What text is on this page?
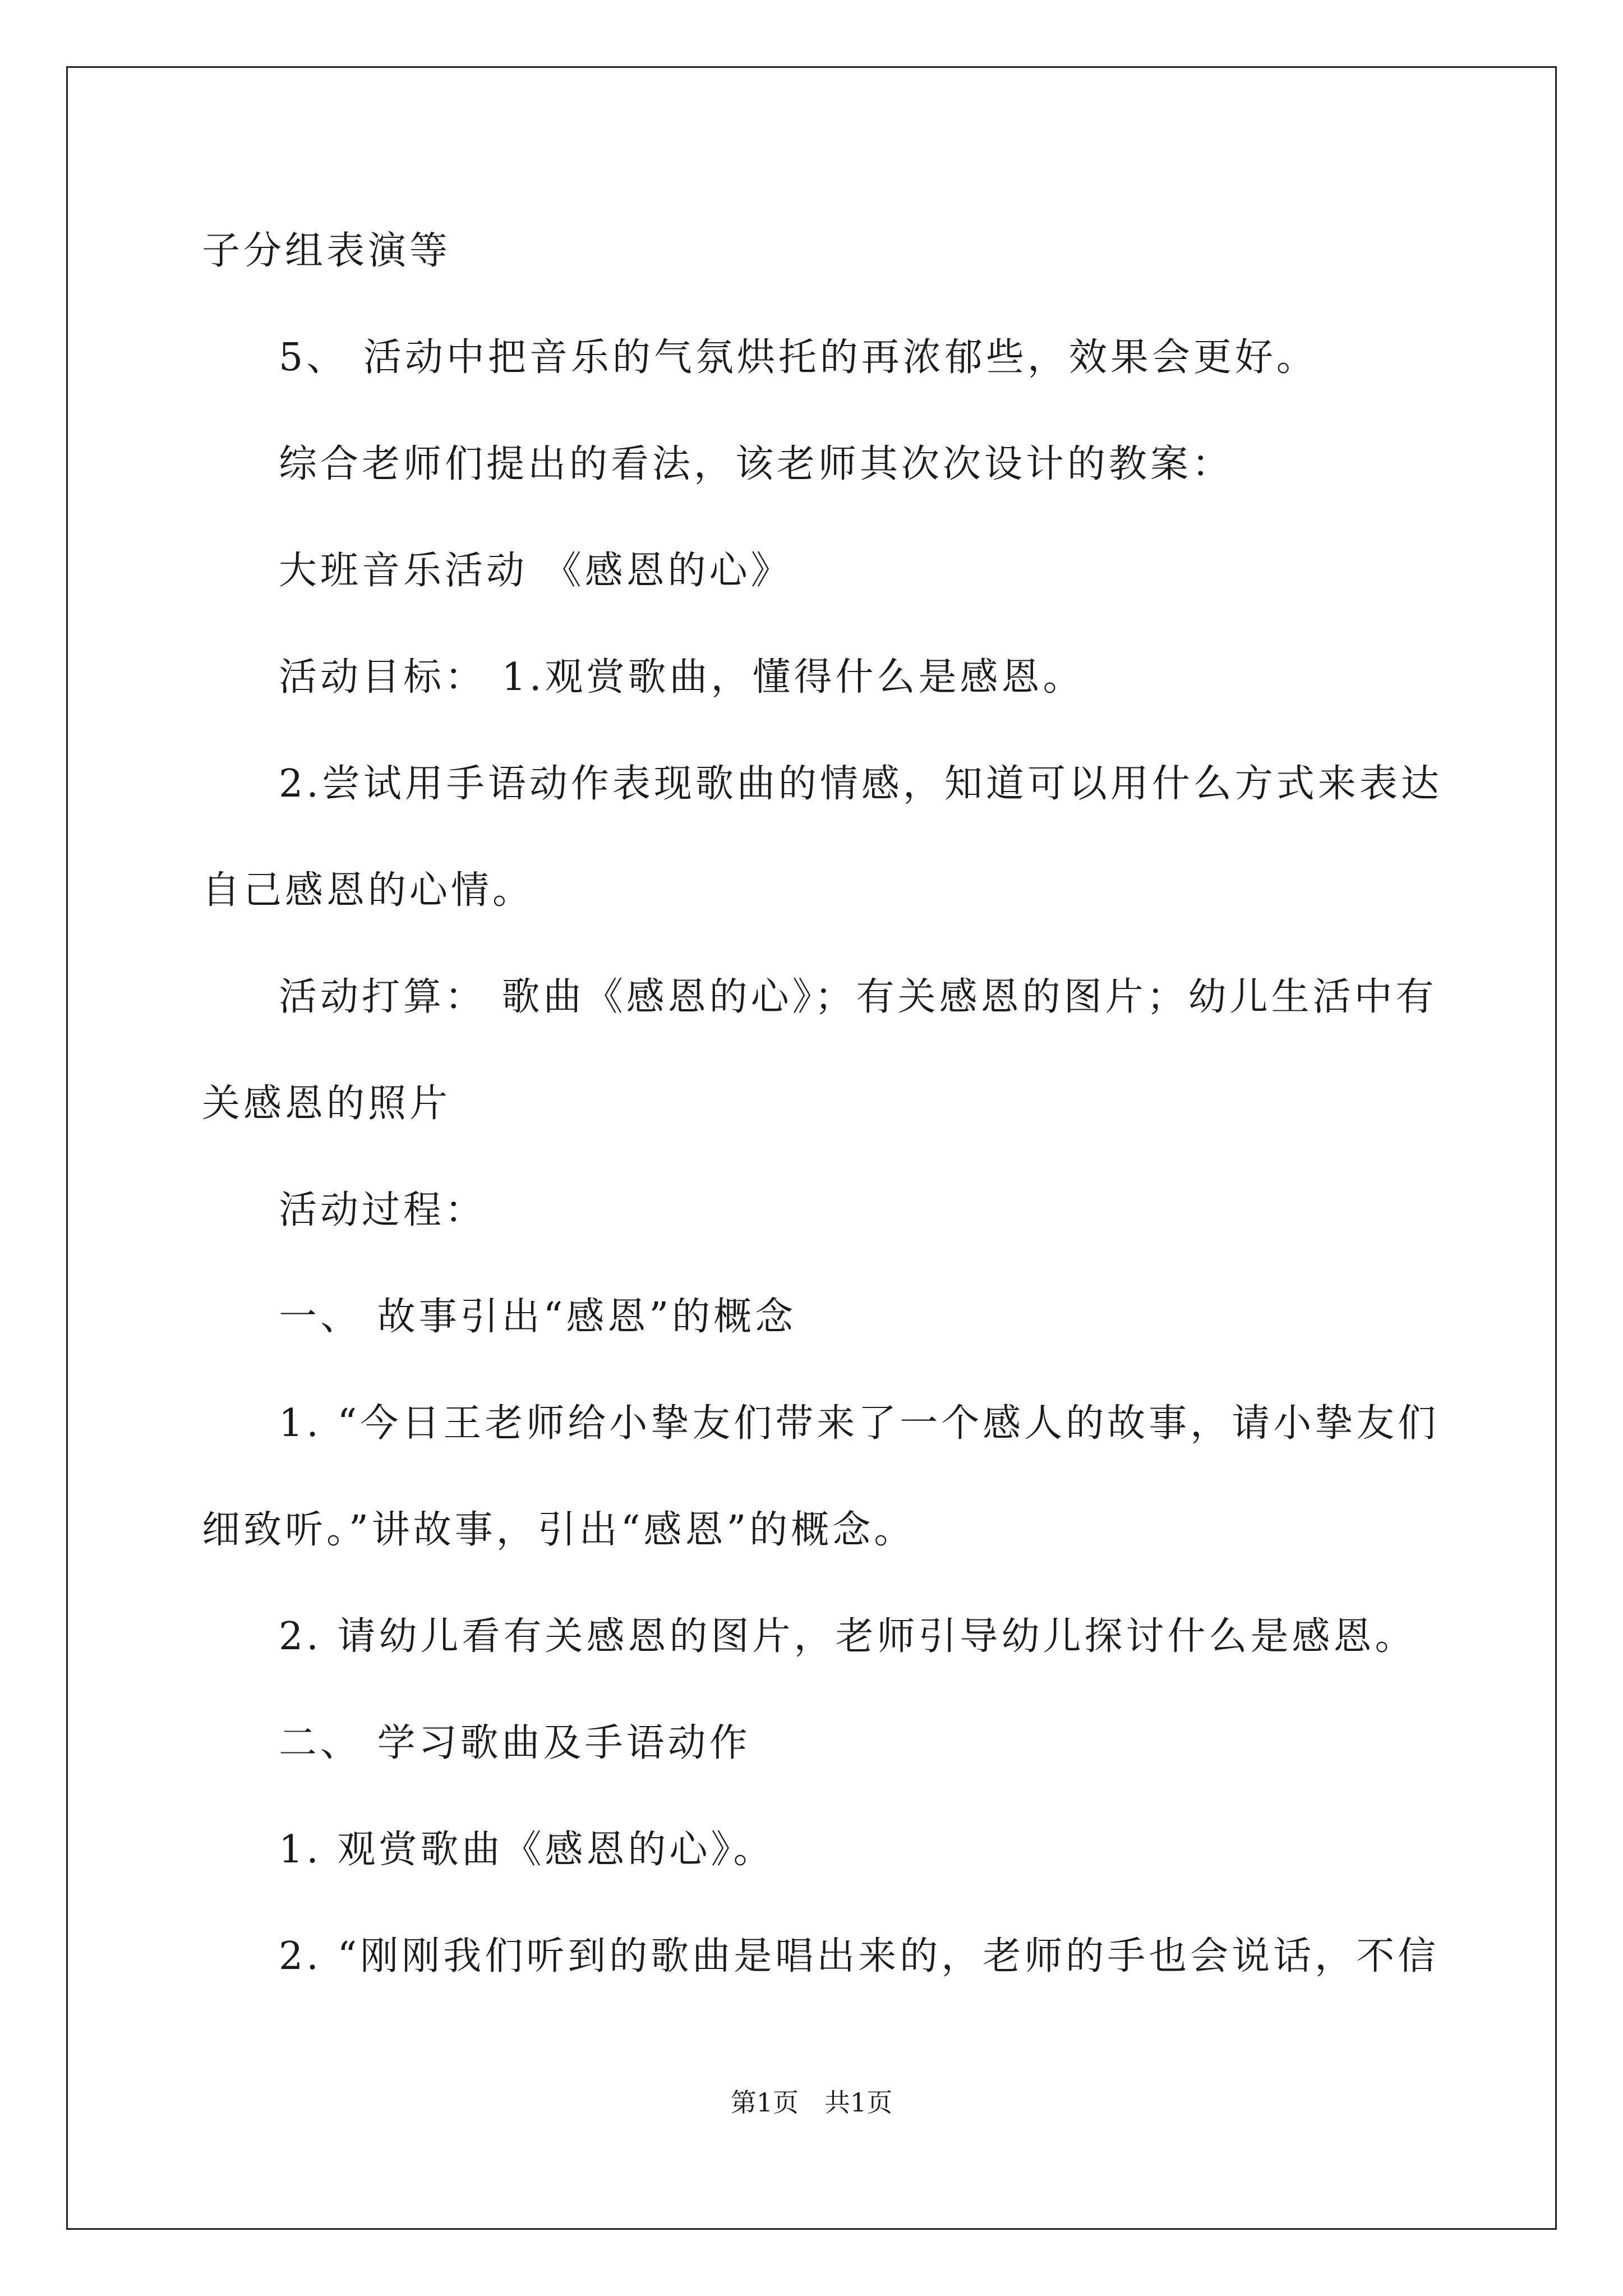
子分组表演等
5、 活动中把音乐的气氛烘托的再浓郁些，效果会更好。
综合老师们提出的看法，该老师其次次设计的教案：
大班音乐活动 《感恩的心》
活动目标： 1.观赏歌曲，懂得什么是感恩。
2.尝试用手语动作表现歌曲的情感，知道可以用什么方式来表达
自己感恩的心情。
活动打算： 歌曲《感恩的心》；有关感恩的图片；幼儿生活中有
关感恩的照片
活动过程：
一、 故事引出“感恩”的概念
1. “今日王老师给小挚友们带来了一个感人的故事，请小挚友们
细致听。”讲故事，引出“感恩”的概念。
2. 请幼儿看有关感恩的图片，老师引导幼儿探讨什么是感恩。
二、 学习歌曲及手语动作
1. 观赏歌曲《感恩的心》。
2. “刚刚我们听到的歌曲是唱出来的，老师的手也会说话，不信
第1页　共1页
